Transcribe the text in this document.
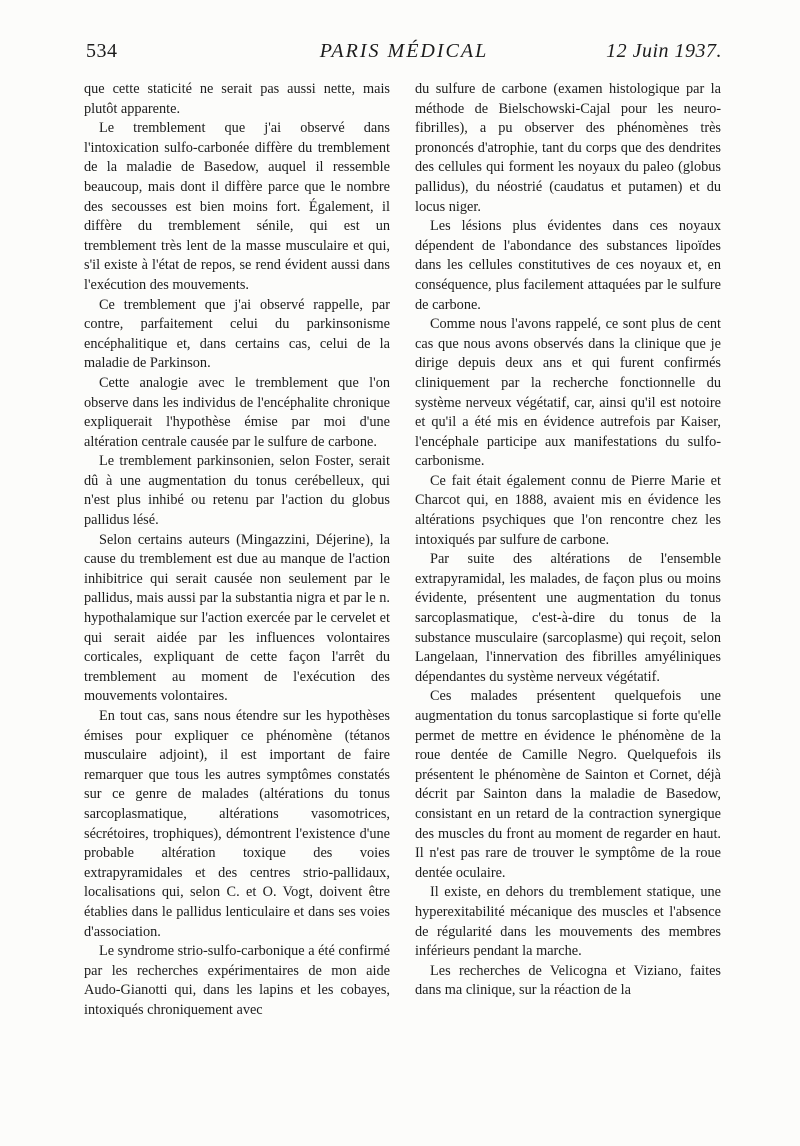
534	PARIS MÉDICAL	12 Juin 1937.

que cette staticité ne serait pas aussi nette, mais plutôt apparente.

Le tremblement que j'ai observé dans l'intoxication sulfo-carbonée diffère du tremblement de la maladie de Basedow, auquel il ressemble beaucoup, mais dont il diffère parce que le nombre des secousses est bien moins fort. Également, il diffère du tremblement sénile, qui est un tremblement très lent de la masse musculaire et qui, s'il existe à l'état de repos, se rend évident aussi dans l'exécution des mouvements.

Ce tremblement que j'ai observé rappelle, par contre, parfaitement celui du parkinsonisme encéphalitique et, dans certains cas, celui de la maladie de Parkinson.

Cette analogie avec le tremblement que l'on observe dans les individus de l'encéphalite chronique expliquerait l'hypothèse émise par moi d'une altération centrale causée par le sulfure de carbone.

Le tremblement parkinsonien, selon Foster, serait dû à une augmentation du tonus cerébelleux, qui n'est plus inhibé ou retenu par l'action du globus pallidus lésé.

Selon certains auteurs (Mingazzini, Déjerine), la cause du tremblement est due au manque de l'action inhibitrice qui serait causée non seulement par le pallidus, mais aussi par la substantia nigra et par le n. hypothalamique sur l'action exercée par le cervelet et qui serait aidée par les influences volontaires corticales, expliquant de cette façon l'arrêt du tremblement au moment de l'exécution des mouvements volontaires.

En tout cas, sans nous étendre sur les hypothèses émises pour expliquer ce phénomène (tétanos musculaire adjoint), il est important de faire remarquer que tous les autres symptômes constatés sur ce genre de malades (altérations du tonus sarcoplasmatique, altérations vasomotrices, sécrétoires, trophiques), démontrent l'existence d'une probable altération toxique des voies extrapyramidales et des centres strio-pallidaux, localisations qui, selon C. et O. Vogt, doivent être établies dans le pallidus lenticulaire et dans ses voies d'association.

Le syndrome strio-sulfo-carbonique a été confirmé par les recherches expérimentaires de mon aide Audo-Gianotti qui, dans les lapins et les cobayes, intoxiqués chroniquement avec

du sulfure de carbone (examen histologique par la méthode de Bielschowski-Cajal pour les neuro-fibrilles), a pu observer des phénomènes très prononcés d'atrophie, tant du corps que des dendrites des cellules qui forment les noyaux du paleo (globus pallidus), du néostrié (caudatus et putamen) et du locus niger.

Les lésions plus évidentes dans ces noyaux dépendent de l'abondance des substances lipoïdes dans les cellules constitutives de ces noyaux et, en conséquence, plus facilement attaquées par le sulfure de carbone.

Comme nous l'avons rappelé, ce sont plus de cent cas que nous avons observés dans la clinique que je dirige depuis deux ans et qui furent confirmés cliniquement par la recherche fonctionnelle du système nerveux végétatif, car, ainsi qu'il est notoire et qu'il a été mis en évidence autrefois par Kaiser, l'encéphale participe aux manifestations du sulfo-carbonisme.

Ce fait était également connu de Pierre Marie et Charcot qui, en 1888, avaient mis en évidence les altérations psychiques que l'on rencontre chez les intoxiqués par sulfure de carbone.

Par suite des altérations de l'ensemble extrapyramidal, les malades, de façon plus ou moins évidente, présentent une augmentation du tonus sarcoplasmatique, c'est-à-dire du tonus de la substance musculaire (sarcoplasme) qui reçoit, selon Langelaan, l'innervation des fibrilles amyéliniques dépendantes du système nerveux végétatif.

Ces malades présentent quelquefois une augmentation du tonus sarcoplastique si forte qu'elle permet de mettre en évidence le phénomène de la roue dentée de Camille Negro. Quelquefois ils présentent le phénomène de Sainton et Cornet, déjà décrit par Sainton dans la maladie de Basedow, consistant en un retard de la contraction synergique des muscles du front au moment de regarder en haut. Il n'est pas rare de trouver le symptôme de la roue dentée oculaire.

Il existe, en dehors du tremblement statique, une hyperexitabilité mécanique des muscles et l'absence de régularité dans les mouvements des membres inférieurs pendant la marche.

Les recherches de Velicogna et Viziano, faites dans ma clinique, sur la réaction de la
